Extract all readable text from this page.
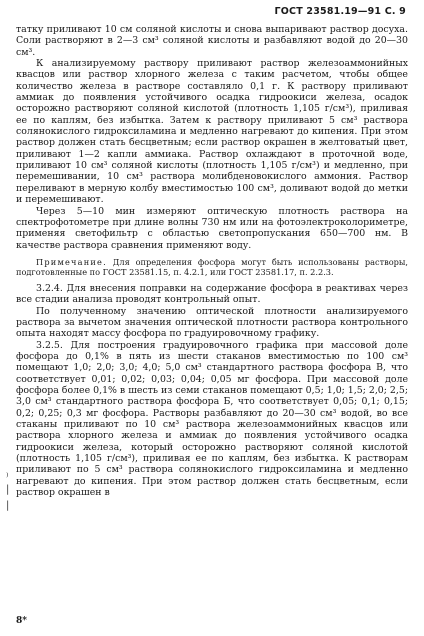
ГОСТ 23581.19—91 С. 9

татку приливают 10 см соляной кислоты и снова выпаривают раствор досуха. Соли растворяют в 2—3 см³ соляной кислоты и разбавляют водой до 20—30 см³.

К анализируемому раствору приливают раствор железоаммонийных квасцов или раствор хлорного железа с таким расчетом, чтобы общее количество железа в растворе составляло 0,1 г. К раствору приливают аммиак до появления устойчивого осадка гидроокиси железа, осадок осторожно растворяют соляной кислотой (плотность 1,105 г/см³), приливая ее по каплям, без избытка. Затем к раствору приливают 5 см³ раствора солянокислого гидроксиламина и медленно нагревают до кипения. При этом раствор должен стать бесцветным; если раствор окрашен в желтоватый цвет, приливают 1—2 капли аммиака. Раствор охлаждают в проточной воде, приливают 10 см³ соляной кислоты (плотность 1,105 г/см³) и медленно, при перемешивании, 10 см³ раствора молибденовокислого аммония. Раствор переливают в мерную колбу вместимостью 100 см³, доливают водой до метки и перемешивают.

Через 5—10 мин измеряют оптическую плотность раствора на спектрофотометре при длине волны 730 нм или на фотоэлектроколориметре, применяя светофильтр с областью светопропускания 650—700 нм. В качестве раствора сравнения применяют воду.

Примечание. Для определения фосфора могут быть использованы растворы, подготовленные по ГОСТ 23581.15, п. 4.2.1, или ГОСТ 23581.17, п. 2.2.3.

3.2.4. Для внесения поправки на содержание фосфора в реактивах через все стадии анализа проводят контрольный опыт.

По полученному значению оптической плотности анализируемого раствора за вычетом значения оптической плотности раствора контрольного опыта находят массу фосфора по градуировочному графику.

3.2.5. Для построения градуировочного графика при массовой доле фосфора до 0,1% в пять из шести стаканов вместимостью по 100 см³ помещают 1,0; 2,0; 3,0; 4,0; 5,0 см³ стандартного раствора фосфора В, что соответствует 0,01; 0,02; 0,03; 0,04; 0,05 мг фосфора. При массовой доле фосфора более 0,1% в шесть из семи стаканов помещают 0,5; 1,0; 1,5; 2,0; 2,5; 3,0 см³ стандартного раствора фосфора Б, что соответствует 0,05; 0,1; 0,15; 0,2; 0,25; 0,3 мг фосфора. Растворы разбавляют до 20—30 см³ водой, во все стаканы приливают по 10 см³ раствора железоаммонийных квасцов или раствора хлорного железа и аммиак до появления устойчивого осадка гидроокиси железа, который осторожно растворяют соляной кислотой (плотность 1,105 г/см³), приливая ее по каплям, без избытка. К растворам приливают по 5 см³ раствора солянокислого гидроксиламина и медленно нагревают до кипения. При этом раствор должен стать бесцветным, если раствор окрашен в

⁾
|
|
8*
